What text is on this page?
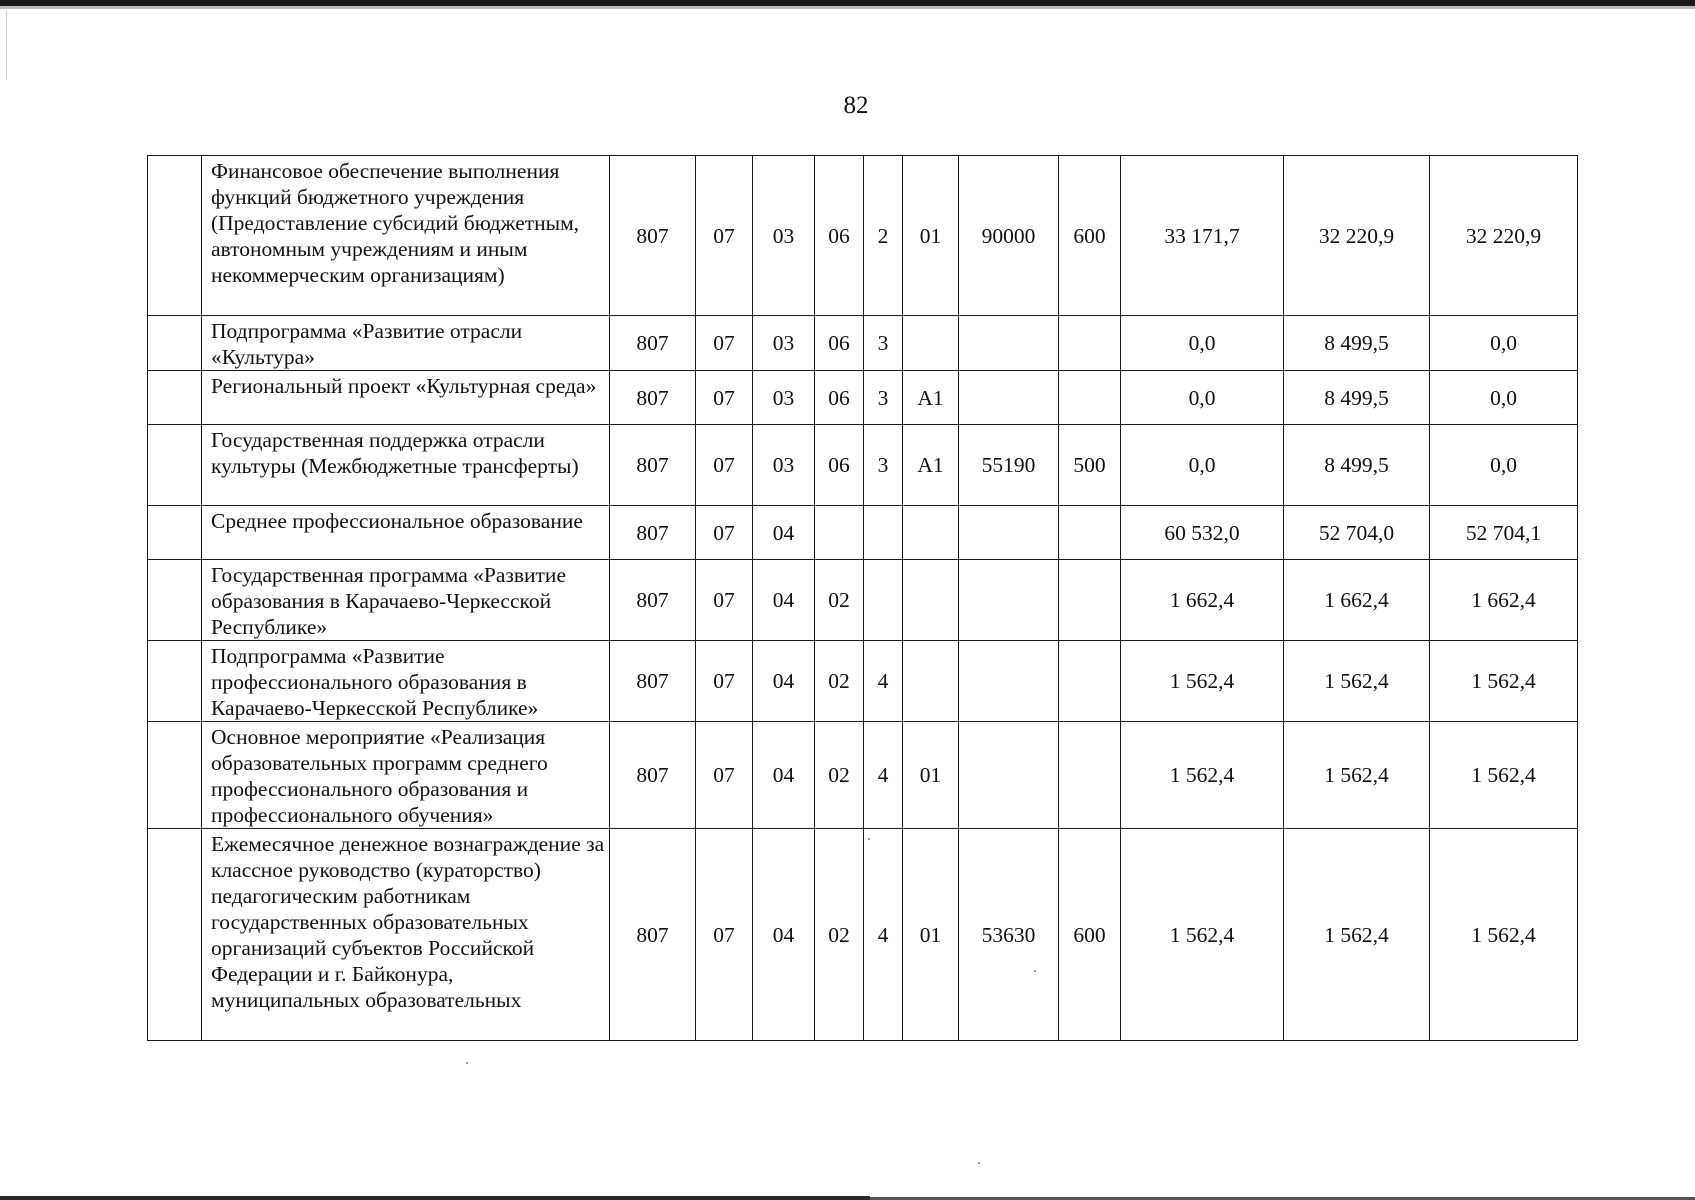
82
	Финансовое обеспечение выполнения функций бюджетного учреждения (Предоставление субсидий бюджетным, автономным учреждениям и иным некоммерческим организациям)	807	07	03	06	2	01	90000	600	33 171,7	32 220,9	32 220,9
	Подпрограмма «Развитие отрасли «Культура»	807	07	03	06	3				0,0	8 499,5	0,0
	Региональный проект «Культурная среда»	807	07	03	06	3	A1			0,0	8 499,5	0,0
	Государственная поддержка отрасли культуры (Межбюджетные трансферты)	807	07	03	06	3	A1	55190	500	0,0	8 499,5	0,0
	Среднее профессиональное образование	807	07	04						60 532,0	52 704,0	52 704,1
	Государственная программа «Развитие образования в Карачаево-Черкесской Республике»	807	07	04	02					1 662,4	1 662,4	1 662,4
	Подпрограмма «Развитие профессионального образования в Карачаево-Черкесской Республике»	807	07	04	02	4				1 562,4	1 562,4	1 562,4
	Основное мероприятие «Реализация образовательных программ среднего профессионального образования и профессионального обучения»	807	07	04	02	4	01			1 562,4	1 562,4	1 562,4
	Ежемесячное денежное вознаграждение за классное руководство (кураторство) педагогическим работникам государственных образовательных организаций субъектов Российской Федерации и г. Байконура, муниципальных образовательных	807	07	04	02	4	01	53630	600	1 562,4	1 562,4	1 562,4
